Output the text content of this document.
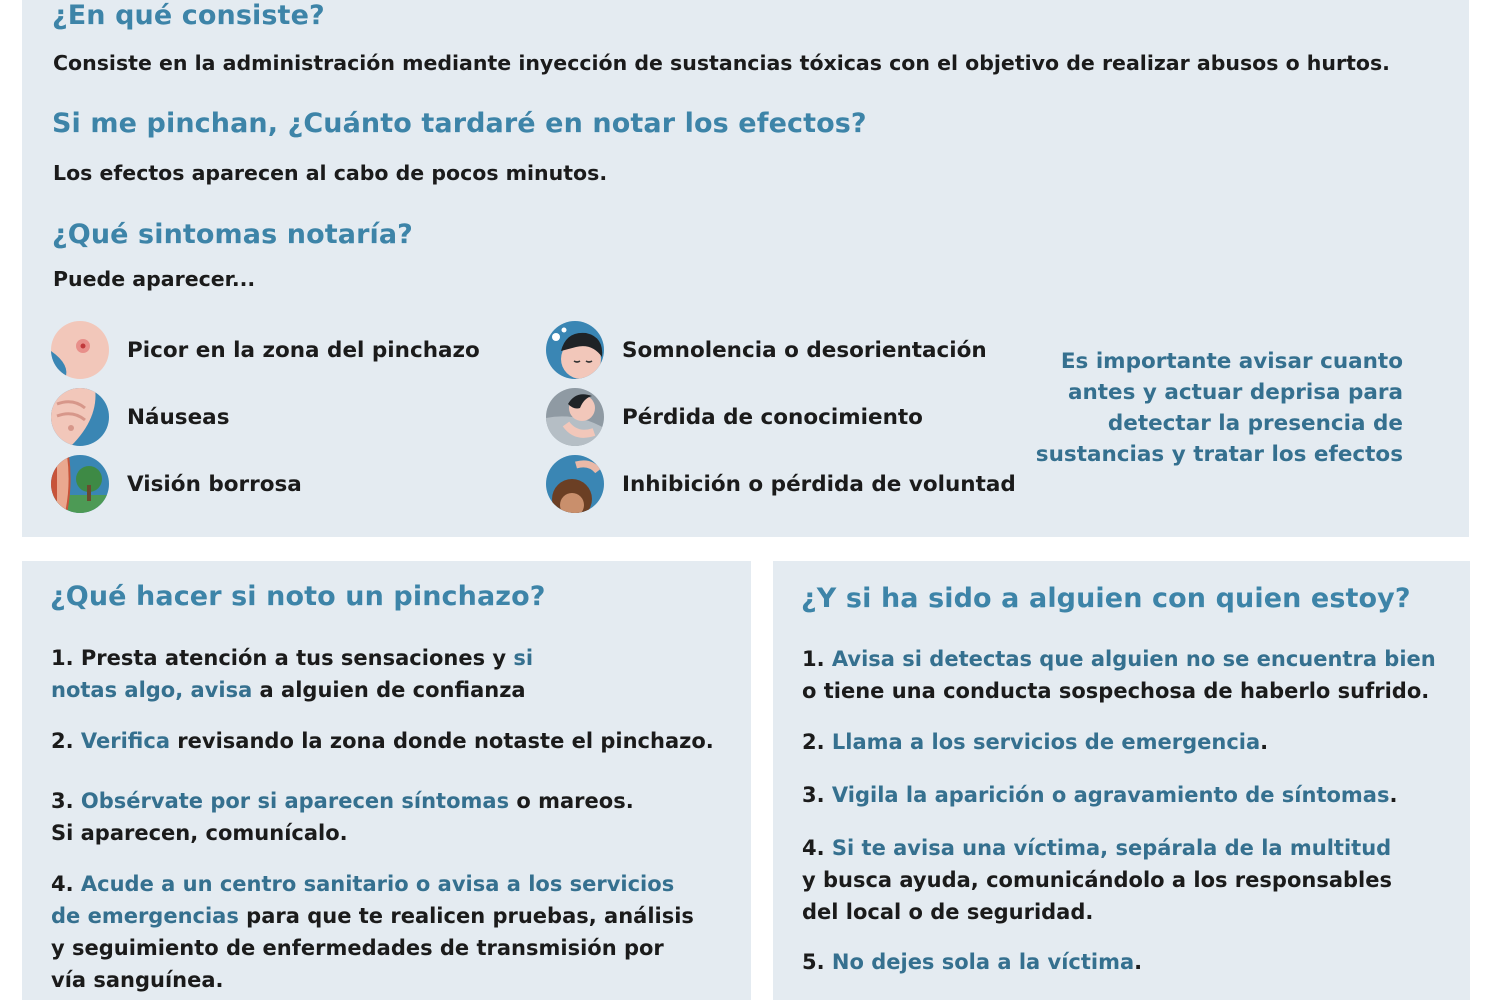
¿En qué consiste?
Consiste en la administración mediante inyección de sustancias tóxicas con el objetivo de realizar abusos o hurtos.
Si me pinchan, ¿Cuánto tardaré en notar los efectos?
Los efectos aparecen al cabo de pocos minutos.
¿Qué sintomas notaría?
Puede aparecer...
Picor en la zona del pinchazo
Náuseas
Visión borrosa
Somnolencia o desorientación
Pérdida de conocimiento
Inhibición o pérdida de voluntad
Es importante avisar cuanto antes y actuar deprisa para detectar la presencia de sustancias y tratar los efectos
¿Qué hacer si noto un pinchazo?
1. Presta atención a tus sensaciones y si notas algo, avisa a alguien de confianza
2. Verifica revisando la zona donde notaste el pinchazo.
3. Obsérvate por si aparecen síntomas o mareos.
Si aparecen, comunícalo.
4. Acude a un centro sanitario o avisa a los servicios de emergencias para que te realicen pruebas, análisis y seguimiento de enfermedades de transmisión por vía sanguínea.
¿Y si ha sido a alguien con quien estoy?
1. Avisa si detectas que alguien no se encuentra bien
o tiene una conducta sospechosa de haberlo sufrido.
2. Llama a los servicios de emergencia.
3. Vigila la aparición o agravamiento de síntomas.
4. Si te avisa una víctima, sepárala de la multitud
y busca ayuda, comunicándolo a los responsables del local o de seguridad.
5. No dejes sola a la víctima.
